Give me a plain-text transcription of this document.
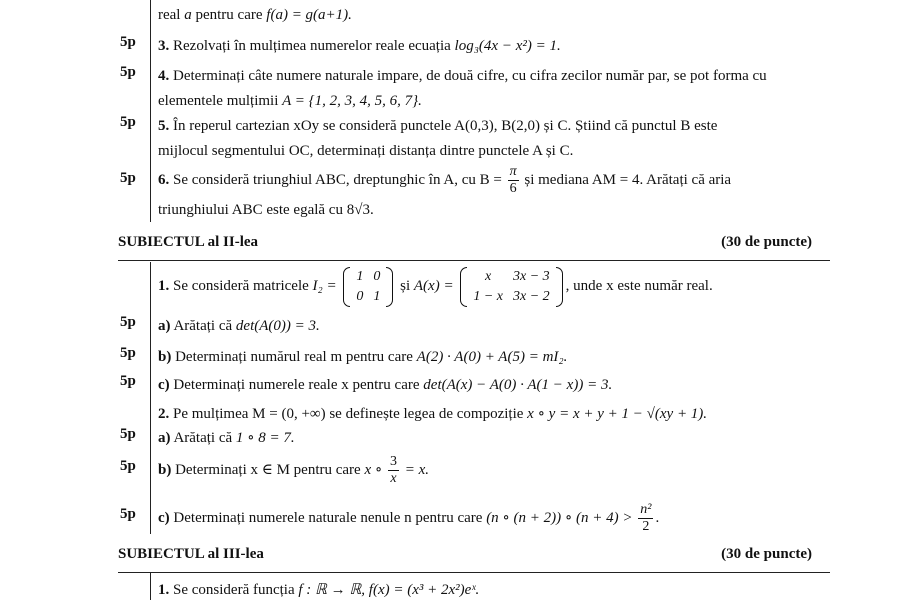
real a pentru care f(a) = g(a+1).
5p	3. Rezolvați în mulțimea numerelor reale ecuația log₃(4x − x²) = 1.
5p	4. Determinați câte numere naturale impare, de două cifre, cu cifra zecilor număr par, se pot forma cu
elementele mulțimii A = {1, 2, 3, 4, 5, 6, 7}.
5p	5. În reperul cartezian xOy se consideră punctele A(0,3), B(2,0) și C. Știind că punctul B este
mijlocul segmentului OC, determinați distanța dintre punctele A și C.
5p	6. Se consideră triunghiul ABC, dreptunghic în A, cu $B = \frac{\pi}{6}$ și mediana AM = 4. Arătați că aria
triunghiului ABC este egală cu 8√3.
SUBIECTUL al II-lea	(30 de puncte)
1. Se consideră matricele I₂ =
1	0
0	1
și A(x) =
x	3x − 3
1 − x	3x − 2
, unde x este număr real.
5p	a) Arătați că det(A(0)) = 3.
5p	b) Determinați numărul real m pentru care A(2) · A(0) + A(5) = mI₂.
5p	c) Determinați numerele reale x pentru care det(A(x) − A(0) · A(1 − x)) = 3.
2. Pe mulțimea M = (0, +∞) se definește legea de compoziție x ∘ y = x + y + 1 − √(xy + 1).
5p	a) Arătați că 1 ∘ 8 = 7.
5p	b) Determinați x ∈ M pentru care x ∘ $\frac{3}{x} = x$.
5p	c) Determinați numerele naturale nenule n pentru care (n ∘ (n + 2)) ∘ $(n + 4) > \frac{\text{n²}}{2}$ .
SUBIECTUL al III-lea	(30 de puncte)
1. Se consideră funcția f : ℝ → ℝ, f(x) = (x³ + 2x²)eˣ.
